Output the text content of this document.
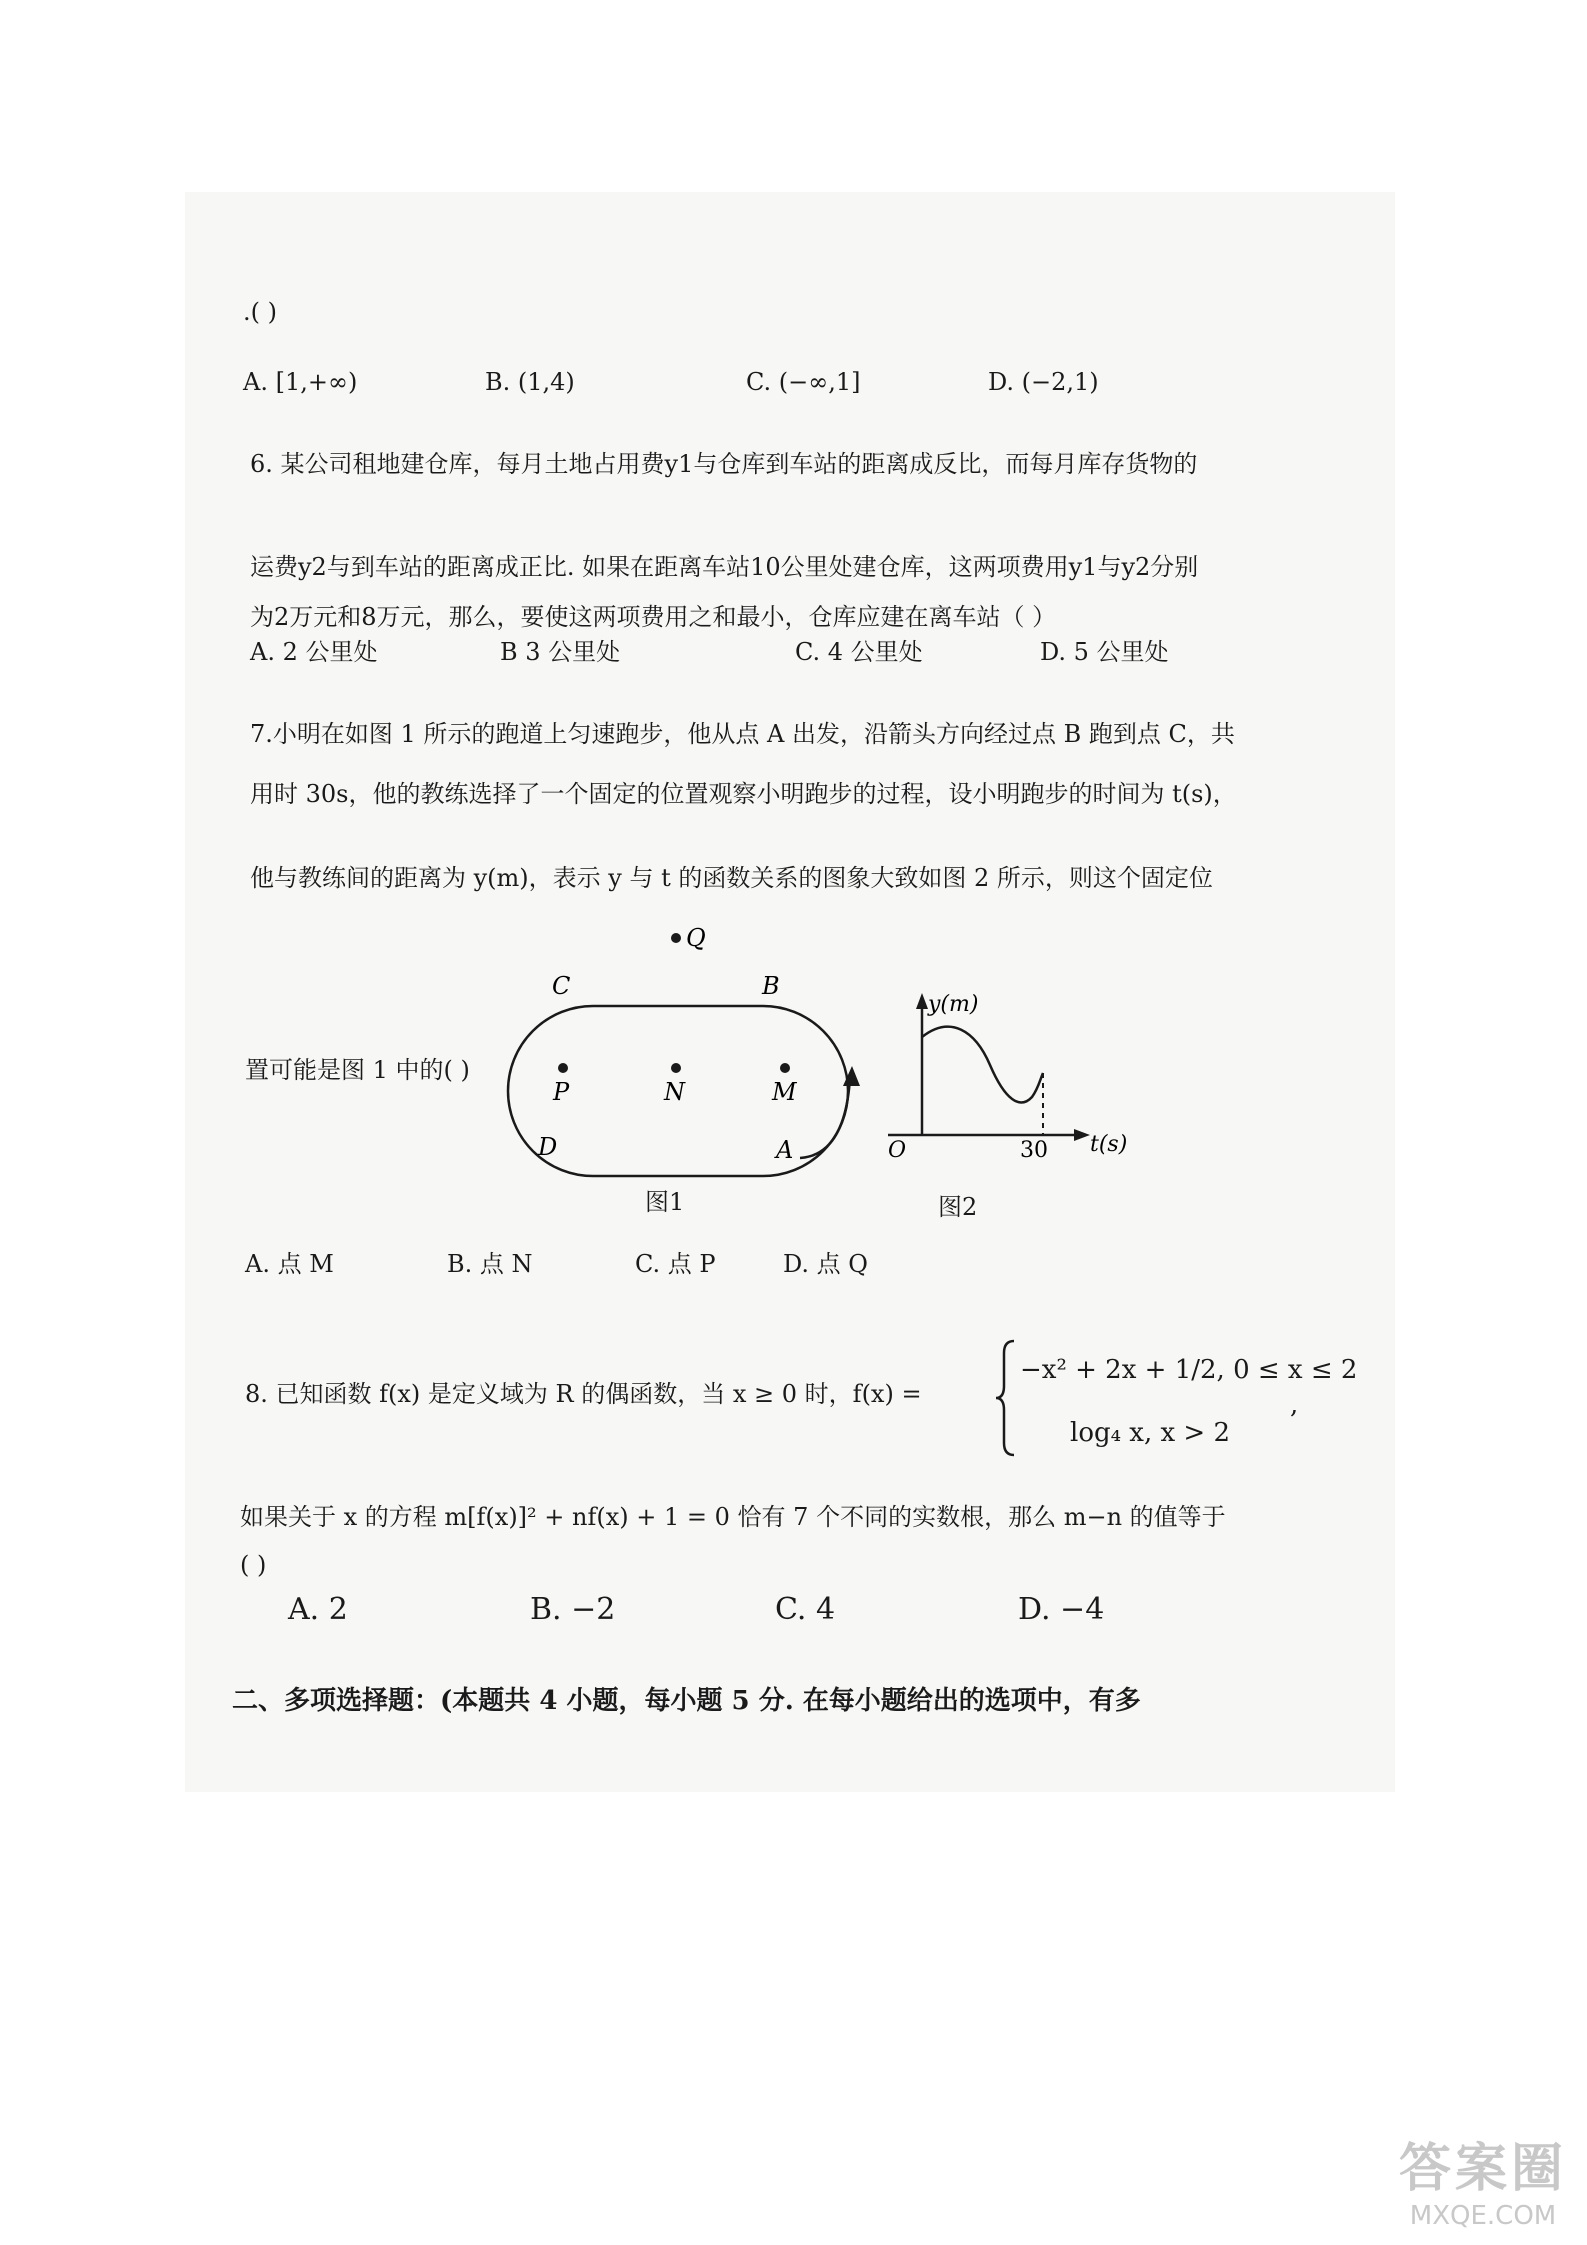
.( )
A. [1,+∞)	B. (1,4)	C. (−∞,1]	D. (−2,1)
6. 某公司租地建仓库，每月土地占用费y1与仓库到车站的距离成反比，而每月库存货物的
运费y2与到车站的距离成正比. 如果在距离车站10公里处建仓库，这两项费用y1与y2分别
为2万元和8万元，那么，要使这两项费用之和最小，仓库应建在离车站（ ）
A. 2 公里处	B 3 公里处	C. 4 公里处	D. 5 公里处
7.小明在如图 1 所示的跑道上匀速跑步，他从点 A 出发，沿箭头方向经过点 B 跑到点 C，共
用时 30s，他的教练选择了一个固定的位置观察小明跑步的过程，设小明跑步的时间为 t(s)，
他与教练间的距离为 y(m)，表示 y 与 t 的函数关系的图象大致如图 2 所示，则这个固定位
置可能是图 1 中的( )
Q
C	B
P	N	M
D	A
图1
y(m)
t(s)
O	30
图2
A. 点 M	B. 点 N	C. 点 P	D. 点 Q
8. 已知函数 f(x) 是定义域为 R 的偶函数，当 x ≥ 0 时，f(x) =
−x² + 2x + 1/2, 0 ≤ x ≤ 2
log₄ x, x > 2
,
如果关于 x 的方程 m[f(x)]² + nf(x) + 1 = 0 恰有 7 个不同的实数根，那么 m−n 的值等于
( )
A. 2	B. −2	C. 4	D. −4
二、多项选择题：(本题共 4 小题，每小题 5 分. 在每小题给出的选项中，有多
答案圈
MXQE.COM
